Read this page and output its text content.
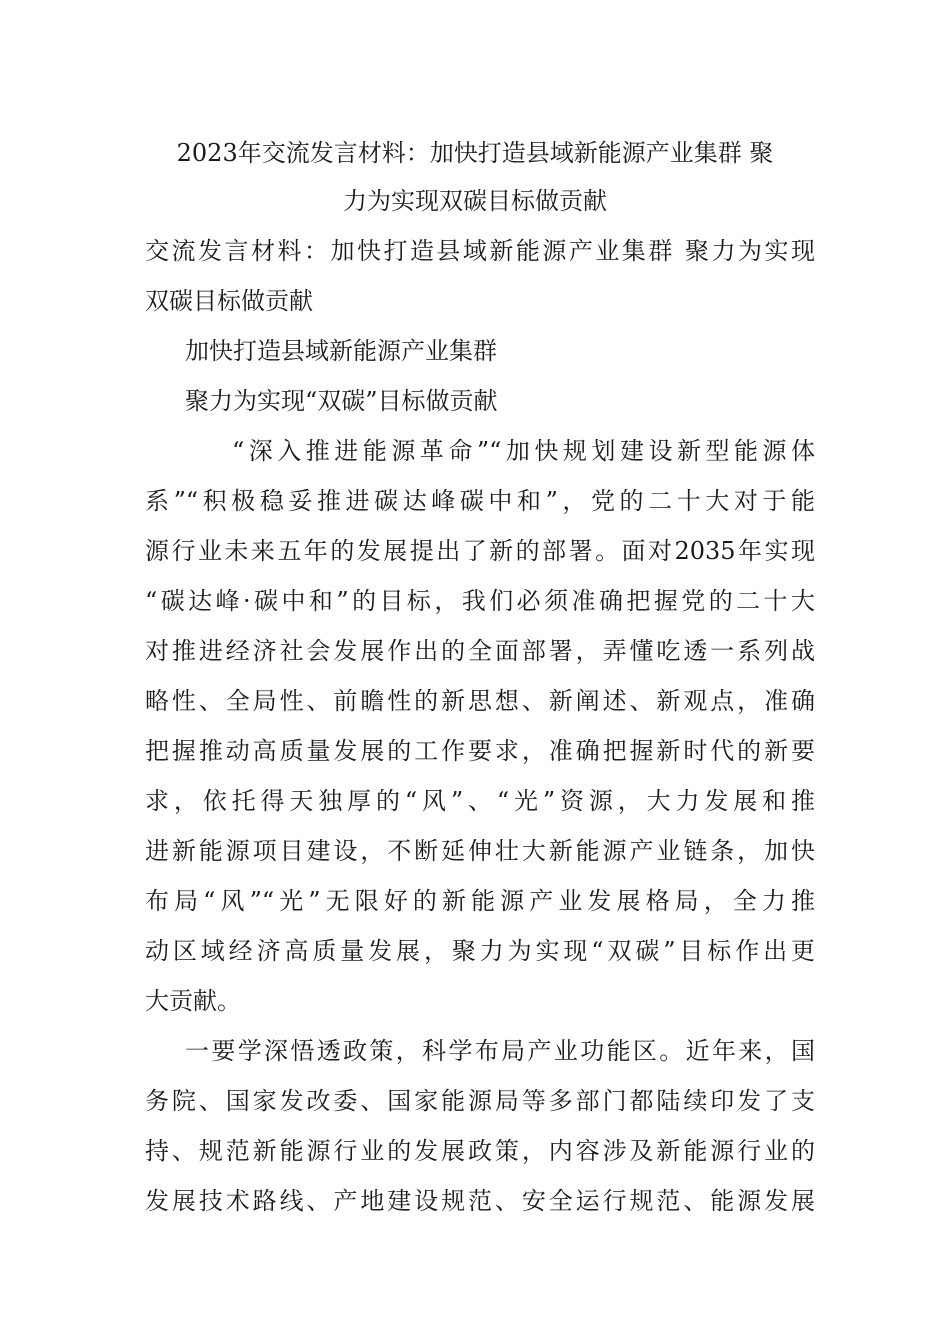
2023年交流发言材料：加快打造县域新能源产业集群 聚
力为实现双碳目标做贡献

交流发言材料：加快打造县域新能源产业集群 聚力为实现

双碳目标做贡献

加快打造县域新能源产业集群

聚力为实现“双碳”目标做贡献

“深入推进能源革命”“加快规划建设新型能源体

系”“积极稳妥推进碳达峰碳中和”，党的二十大对于能

源行业未来五年的发展提出了新的部署。面对2035年实现

“碳达峰·碳中和”的目标，我们必须准确把握党的二十大

对推进经济社会发展作出的全面部署，弄懂吃透一系列战

略性、全局性、前瞻性的新思想、新阐述、新观点，准确

把握推动高质量发展的工作要求，准确把握新时代的新要

求，依托得天独厚的“风”、“光”资源，大力发展和推

进新能源项目建设，不断延伸壮大新能源产业链条，加快

布局“风”“光”无限好的新能源产业发展格局，全力推

动区域经济高质量发展，聚力为实现“双碳”目标作出更

大贡献。

一要学深悟透政策，科学布局产业功能区。近年来，国

务院、国家发改委、国家能源局等多部门都陆续印发了支

持、规范新能源行业的发展政策，内容涉及新能源行业的

发展技术路线、产地建设规范、安全运行规范、能源发展
